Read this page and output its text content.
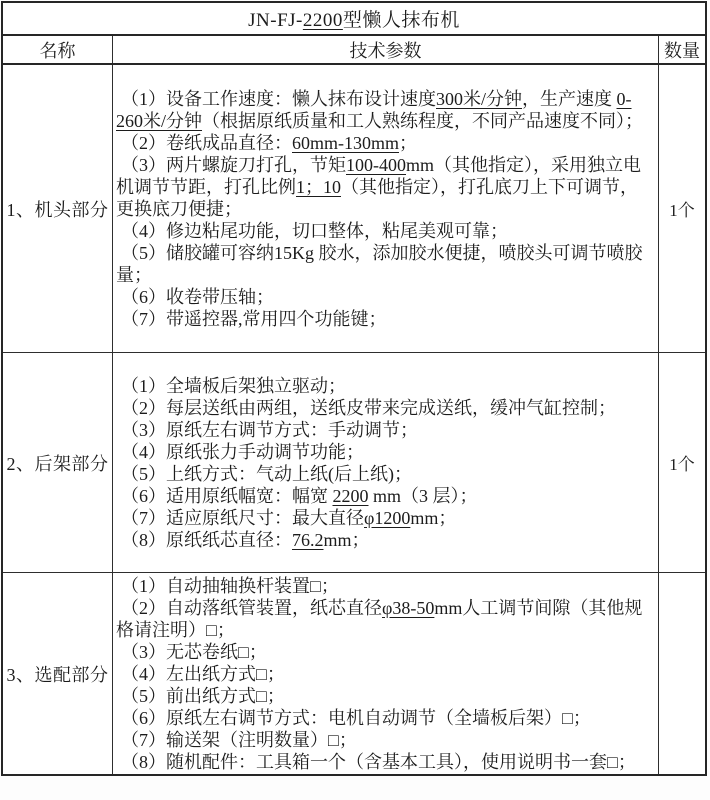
JN-FJ-2200型懒人抹布机
名称	技术参数	数量
1、机头部分

（1）设备工作速度：懒人抹布设计速度300米/分钟，生产速度 0-260米/分钟（根据原纸质量和工人熟练程度，不同产品速度不同）；

（2）卷纸成品直径：60mm-130mm；

（3）两片螺旋刀打孔，节矩100-400mm（其他指定），采用独立电机调节节距，打孔比例1；10（其他指定），打孔底刀上下可调节，更换底刀便捷；

（4）修边粘尾功能，切口整体，粘尾美观可靠；

（5）储胶罐可容纳15Kg 胶水，添加胶水便捷，喷胶头可调节喷胶量；

（6）收卷带压轴；

（7）带遥控器,常用四个功能键；

1个
2、后架部分

（1）全墙板后架独立驱动；

（2）每层送纸由两组，送纸皮带来完成送纸，缓冲气缸控制；

（3）原纸左右调节方式：手动调节；

（4）原纸张力手动调节功能；

（5）上纸方式：气动上纸(后上纸)；

（6）适用原纸幅宽：幅宽 2200 mm（3 层）；

（7）适应原纸尺寸：最大直径φ1200mm；

（8）原纸纸芯直径：76.2mm；

1个
3、选配部分

（1）自动抽轴换杆装置□；

（2）自动落纸管装置，纸芯直径φ38-50mm人工调节间隙（其他规格请注明）□；

（3）无芯卷纸□；

（4）左出纸方式□；

（5）前出纸方式□；

（6）原纸左右调节方式：电机自动调节（全墙板后架）□；

（7）输送架（注明数量）□；

（8）随机配件：工具箱一个（含基本工具），使用说明书一套□；
